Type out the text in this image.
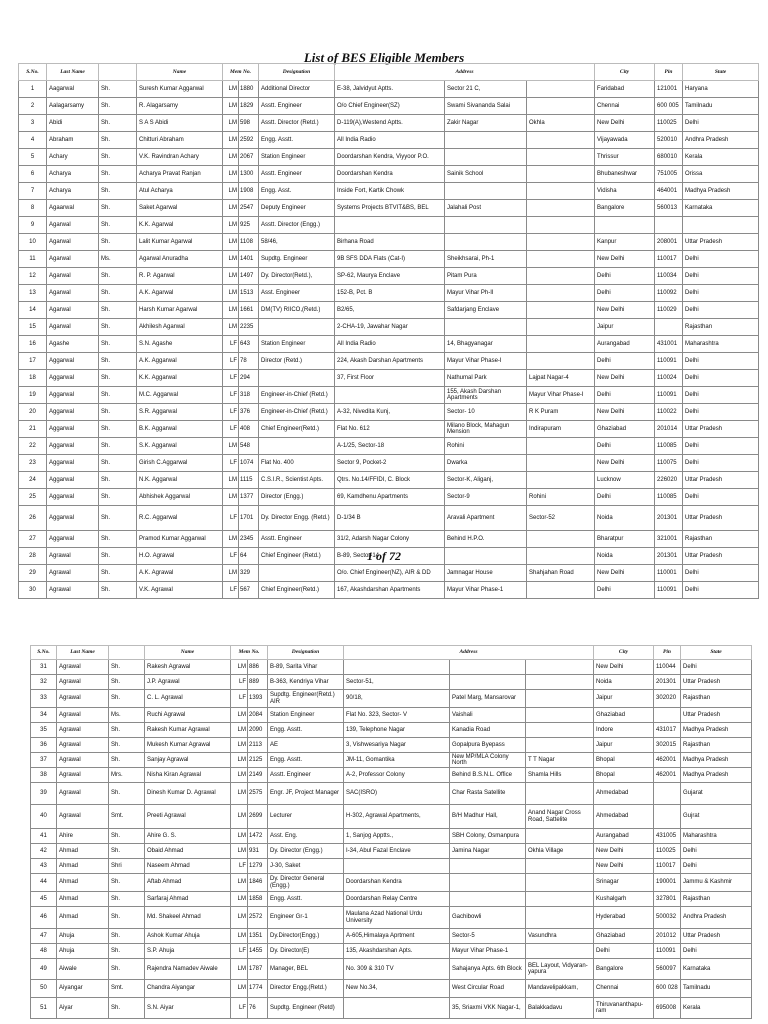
List of BES Eligible Members
S.No.	Last Name		Name	Mem No.		Designation	Address			City	Pin	State
1	Aagarwal	Sh.	Suresh Kumar Aggarwal	LM	1880	Additional Director	E-38, Jalvidyut Aptts.	Sector 21 C,		Faridabad	121001	Haryana
2	Aalagarsamy	Sh.	R. Alagarsamy	LM	1829	Asstt. Engineer	O/o Chief Engineer(SZ)	Swami Sivananda Salai		Chennai	600 005	Tamilnadu
3	Abidi	Sh.	S A S Abidi	LM	598	Asstt. Director (Retd.)	D-119(A),Westend Aptts.	Zakir Nagar	Okhla	New Delhi	110025	Delhi
4	Abraham	Sh.	Chitturi Abraham	LM	2592	Engg. Asstt.	All India Radio			Vijayawada	520010	Andhra Pradesh
5	Achary	Sh.	V.K. Ravindran Achary	LM	2067	Station Engineer	Doordarshan Kendra, Viyyoor P.O.			Thrissur	680010	Kerala
6	Acharya	Sh.	Acharya Pravat Ranjan	LM	1300	Asstt. Engineer	Doordarshan Kendra	Sainik School		Bhubaneshwar	751005	Orissa
7	Acharya	Sh.	Atul Acharya	LM	1908	Engg. Asst.	Inside Fort, Kartik Chowk			Vidisha	464001	Madhya Pradesh
8	Agaarwal	Sh.	Saket Agarwal	LM	2547	Deputy Engineer	Systems Projects BTVIT&BS, BEL	Jalahali Post		Bangalore	560013	Karnataka
9	Agarwal	Sh.	K.K. Agarwal	LM	925	Asstt. Director (Engg.)						
10	Agarwal	Sh.	Lalit Kumar Agarwal	LM	1108	58/46,	Birhana Road			Kanpur	208001	Uttar Pradesh
11	Agarwal	Ms.	Agarwal Anuradha	LM	1401	Supdtg. Engineer	9B SFS DDA Flats (Cat-I)	Sheikhsarai, Ph-1		New Delhi	110017	Delhi
12	Agarwal	Sh.	R. P. Agarwal	LM	1497	Dy. Director(Retd.),	SP-62, Maurya Enclave	Pitam Pura		Delhi	110034	Delhi
13	Agarwal	Sh.	A.K. Agarwal	LM	1513	Asst. Engineer	152-B, Pct. B	Mayur Vihar Ph-II		Delhi	110092	Delhi
14	Agarwal	Sh.	Harsh Kumar Agarwal	LM	1661	DM(TV) RIICO,(Retd.)	B2/65,	Safdarjang Enclave		New Delhi	110029	Delhi
15	Agarwal	Sh.	Akhilesh Agarwal	LM	2235		2-CHA-19, Jawahar Nagar			Jaipur		Rajasthan
16	Agashe	Sh.	S.N. Agashe	LF	643	Station Engineer	All India Radio	14, Bhagyanagar		Aurangabad	431001	Maharashtra
17	Aggarwal	Sh.	A.K. Aggarwal	LF	78	Director (Retd.)	224, Akash Darshan Apartments	Mayur Vihar Phase-I		Delhi	110091	Delhi
18	Aggarwal	Sh.	K.K. Aggarwal	LF	294		37, First Floor	Nathumal Park	Lajpat Nagar-4	New Delhi	110024	Delhi
19	Aggarwal	Sh.	M.C. Aggarwal	LF	318	Engineer-in-Chief (Retd.)		155, Akash Darshan Apartments	Mayur Vihar Phase-I	Delhi	110091	Delhi
20	Aggarwal	Sh.	S.R. Aggarwal	LF	376	Engineer-in-Chief (Retd.)	A-32, Nivedita Kunj,	Sector- 10	R K Puram	New Delhi	110022	Delhi
21	Aggarwal	Sh.	B.K. Aggarwal	LF	408	Chief Engineer(Retd.)	Flat No. 612	Milano Block, Mahagun Mension	Indirapuram	Ghaziabad	201014	Uttar Pradesh
22	Aggarwal	Sh.	S.K. Aggarwal	LM	548		A-1/25, Sector-18	Rohini		Delhi	110085	Delhi
23	Aggarwal	Sh.	Girish C.Aggarwal	LF	1074	Flat No. 400	Sector 9, Pocket-2	Dwarka		New Delhi	110075	Delhi
24	Aggarwal	Sh.	N.K. Aggarwal	LM	1115	C.S.I.R., Scientist Apts.	Qtrs. No.14/FFIDI, C. Block	Sector-K, Aliganj,		Lucknow	226020	Uttar Pradesh
25	Aggarwal	Sh.	Abhishek Aggarwal	LM	1377	Director (Engg.)	69, Kamdhenu Apartments	Sector-9	Rohini	Delhi	110085	Delhi
26	Aggarwal	Sh.	R.C. Aggarwal	LF	1701	Dy. Director Engg. (Retd.)	D-1/34 B	Aravali Apartment	Sector-52	Noida	201301	Uttar Pradesh
27	Aggarwal	Sh.	Pramod Kumar Aggarwal	LM	2345	Asstt. Engineer	31/2, Adarsh Nagar Colony	Behind H.P.O.		Bharatpur	321001	Rajasthan
28	Agrawal	Sh.	H.O. Agrawal	LF	64	Chief Engineer (Retd.)	B-89, Sector-14			Noida	201301	Uttar Pradesh
29	Agrawal	Sh.	A.K. Agrawal	LM	329		O/o. Chief Engineer(NZ), AIR & DD	Jamnagar House	Shahjahan Road	New Delhi	110001	Delhi
30	Agrawal	Sh.	V.K. Agrawal	LF	567	Chief Engineer(Retd.)	167, Akashdarshan Apartments	Mayur Vihar Phase-1		Delhi	110091	Delhi
1 of 72
S.No.	Last Name		Name	Mem No.		Designation	Address			City	Pin	State
31	Agrawal	Sh.	Rakesh Agrawal	LM	886	B-89, Sarita Vihar				New Delhi	110044	Delhi
32	Agrawal	Sh.	J.P. Agrawal	LF	889	B-363, Kendriya Vihar	Sector-51,			Noida	201301	Uttar Pradesh
33	Agrawal	Sh.	C. L. Agrawal	LF	1393	Supdtg. Engineer(Retd.) AIR	90/18,	Patel Marg, Mansarovar		Jaipur	302020	Rajasthan
34	Agrawal	Ms.	Ruchi Agrawal	LM	2084	Station Engineer	Flat No. 323, Sector- V	Vaishali		Ghaziabad		Uttar Pradesh
35	Agrawal	Sh.	Rakesh Kumar Agrawal	LM	2090	Engg. Asstt.	139, Telephone Nagar	Kanadia Road		Indore	431017	Madhya Pradesh
36	Agrawal	Sh.	Mukesh Kumar Agrawal	LM	2113	AE	3, Vishwesariya Nagar	Gopalpura Byepass		Jaipur	302015	Rajasthan
37	Agrawal	Sh.	Sanjay Agrawal	LM	2125	Engg. Asstt.	JM-11, Gomantika	New MP/MLA Colony North	T T Nagar	Bhopal	462001	Madhya Pradesh
38	Agrawal	Mrs.	Nisha Kiran Agrawal	LM	2149	Asstt. Engineer	A-2, Professor Colony	Behind B.S.N.L. Office	Shamla Hills	Bhopal	462001	Madhya Pradesh
39	Agrawal	Sh.	Dinesh Kumar D. Agrawal	LM	2575	Engr. JF, Project Manager	SAC(ISRO)	Char Rasta Satellite		Ahmedabad		Gujarat
40	Agrawal	Smt.	Preeti Agrawal	LM	2699	Lecturer	H-302, Agrawal Apartments,	B/H Madhur Hall,	Anand Nagar Cross Road, Sattelite	Ahmedabad		Gujrat
41	Ahire	Sh.	Ahire G. S.	LM	1472	Asst. Eng.	1, Sanjog Apptts.,	SBH Colony, Osmanpura		Aurangabad	431005	Maharashtra
42	Ahmad	Sh.	Obaid Ahmad	LM	931	Dy. Director (Engg.)	I-34, Abul Fazal Enclave	Jamina Nagar	Okhla Village	New Delhi	110025	Delhi
43	Ahmad	Shri	Naseem Ahmad	LF	1279	J-30, Saket				New Delhi	110017	Delhi
44	Ahmad	Sh.	Aftab Ahmad	LM	1846	Dy. Director General (Engg.)	Doordarshan Kendra			Srinagar	190001	Jammu & Kashmir
45	Ahmad	Sh.	Sarfaraj Ahmad	LM	1858	Engg. Asstt.	Doordarshan Relay Centre			Kushalgarh	327801	Rajasthan
46	Ahmad	Sh.	Md. Shakeel Ahmad	LM	2572	Engineer Gr-1	Maulana Azad National Urdu University	Gachibowli		Hyderabad	500032	Andhra Pradesh
47	Ahuja	Sh.	Ashok Kumar Ahuja	LM	1351	Dy.Director(Engg.)	A-605,Himalaya Aprtment	Sector-5	Vasundhra	Ghaziabad	201012	Uttar Pradesh
48	Ahuja	Sh.	S.P. Ahuja	LF	1455	Dy. Director(E)	135, Akashdarshan Apts.	Mayur Vihar Phase-1		Delhi	110091	Delhi
49	Aiwale	Sh.	Rajendra Namadev Aiwale	LM	1787	Manager, BEL	No. 309 & 310 TV	Sahajanya Apts. 6th Block	BEL Layout, Vidyaran-yapura	Bangalore	560097	Karnataka
50	Aiyangar	Smt.	Chandra Aiyangar	LM	1774	Director Engg.(Retd.)	New No.34,	West Circular Road	Mandavelipakkam,	Chennai	600 028	Tamilnadu
51	Aiyar	Sh.	S.N. Aiyar	LF	76	Supdtg. Engineer (Retd)		35, Sriaxmi VKK Nagar-1,	Balakkadavu	Thiruvananthapu-ram	695008	Kerala
